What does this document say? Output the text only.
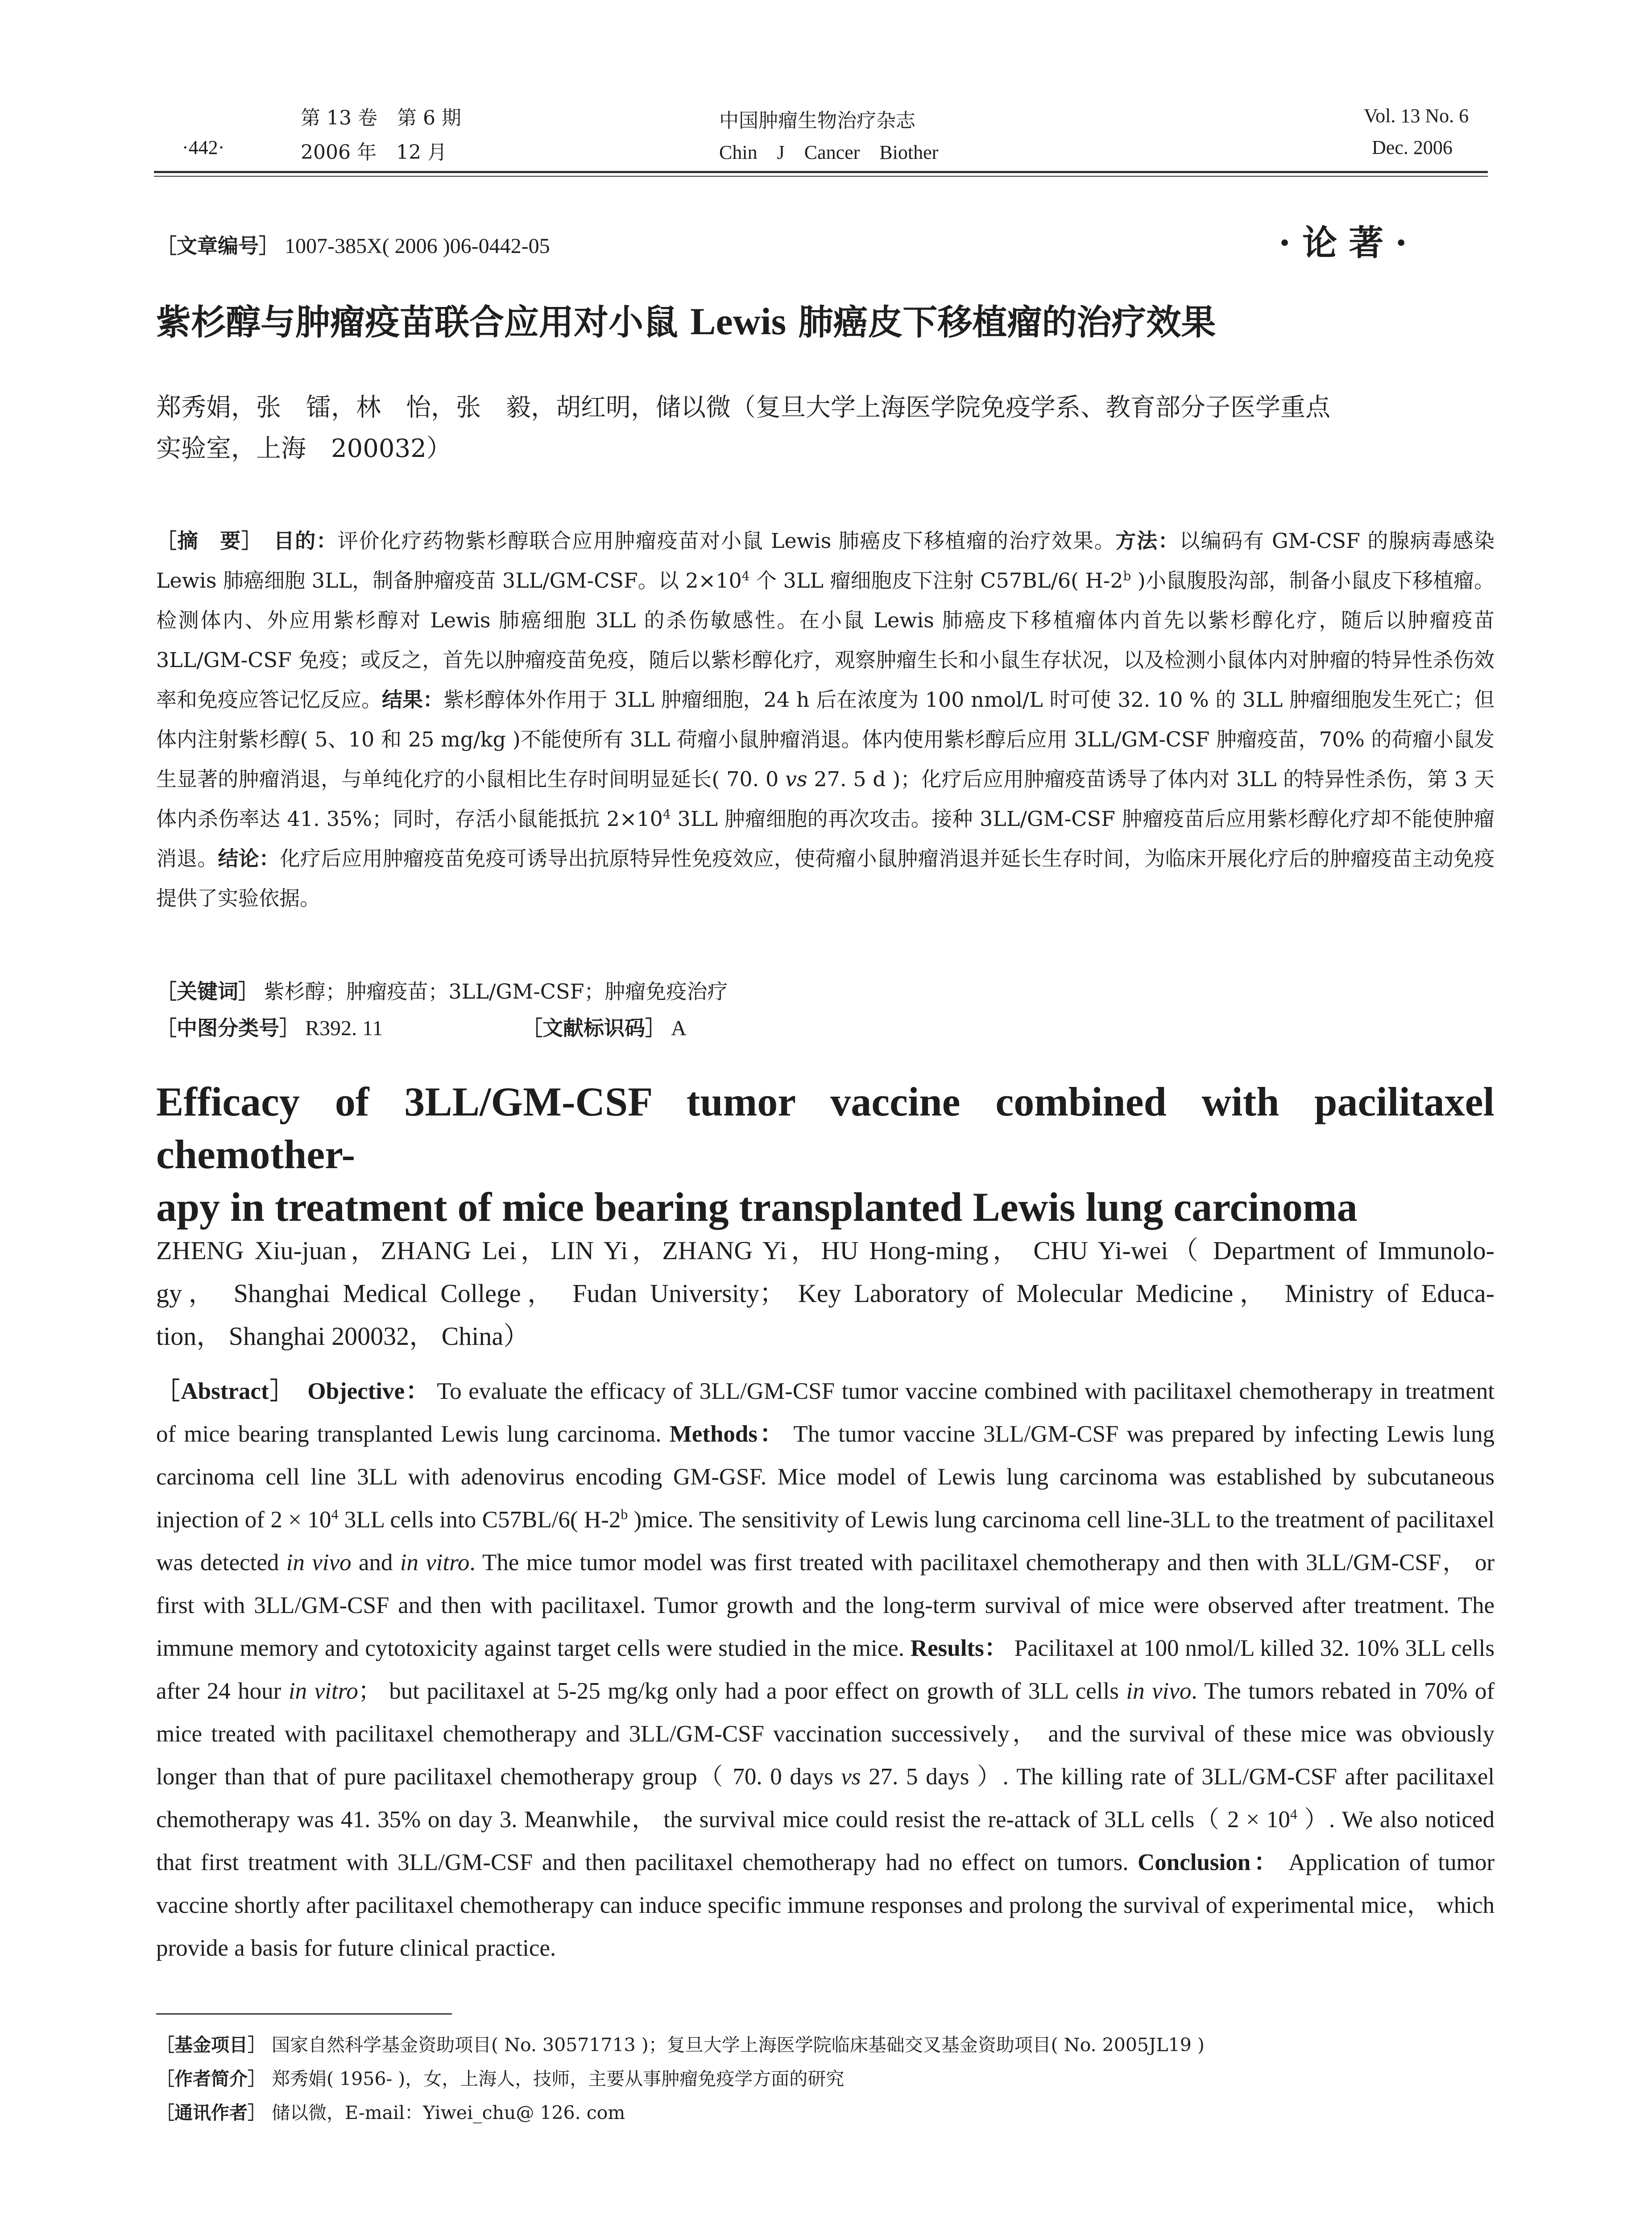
第 13 卷　第 6 期
·442·	2006 年　12 月
中国肿瘤生物治疗杂志
Chin　J　Cancer　Biother
Vol. 13 No. 6
Dec. 2006
［文章编号］ 1007-385X( 2006 )06-0442-05	·论著·
紫杉醇与肿瘤疫苗联合应用对小鼠 Lewis 肺癌皮下移植瘤的治疗效果
郑秀娟，张　镭，林　怡，张　毅，胡红明，储以微（复旦大学上海医学院免疫学系、教育部分子医学重点
实验室，上海　200032）
［摘　要］　 目的：评价化疗药物紫杉醇联合应用肿瘤疫苗对小鼠 Lewis 肺癌皮下移植瘤的治疗效果。方法：以编码有 GM-CSF 的腺病毒感染 Lewis 肺癌细胞 3LL，制备肿瘤疫苗 3LL/GM-CSF。以 $2\times 10^4$ 个 3LL 瘤细胞皮下注射 C57BL/6( H-2$^b$ )小鼠腹股沟部，制备小鼠皮下移植瘤。检测体内、外应用紫杉醇对 Lewis 肺癌细胞 3LL 的杀伤敏感性。在小鼠 Lewis 肺癌皮下移植瘤体内首先以紫杉醇化疗，随后以肿瘤疫苗 3LL/GM-CSF 免疫；或反之，首先以肿瘤疫苗免疫，随后以紫杉醇化疗，观察肿瘤生长和小鼠生存状况，以及检测小鼠体内对肿瘤的特异性杀伤效率和免疫应答记忆反应。结果：紫杉醇体外作用于 3LL 肿瘤细胞，24 h 后在浓度为 100 nmol/L 时可使 32. 10 % 的 3LL 肿瘤细胞发生死亡；但体内注射紫杉醇( 5、10 和 25 mg/kg )不能使所有 3LL 荷瘤小鼠肿瘤消退。体内使用紫杉醇后应用 3LL/GM-CSF 肿瘤疫苗，70% 的荷瘤小鼠发生显著的肿瘤消退，与单纯化疗的小鼠相比生存时间明显延长( 70. 0 vs 27. 5 d )；化疗后应用肿瘤疫苗诱导了体内对 3LL 的特异性杀伤，第 3 天体内杀伤率达 41. 35%；同时，存活小鼠能抵抗 $2\times 10^4$ 3LL 肿瘤细胞的再次攻击。接种 3LL/GM-CSF 肿瘤疫苗后应用紫杉醇化疗却不能使肿瘤消退。结论：化疗后应用肿瘤疫苗免疫可诱导出抗原特异性免疫效应，使荷瘤小鼠肿瘤消退并延长生存时间，为临床开展化疗后的肿瘤疫苗主动免疫提供了实验依据。
［关键词］ 紫杉醇；肿瘤疫苗；3LL/GM-CSF；肿瘤免疫治疗
［中图分类号］ R392. 11	［文献标识码］ A
Efficacy of 3LL/GM-CSF tumor vaccine combined with pacilitaxel chemother-
apy in treatment of mice bearing transplanted Lewis lung carcinoma
ZHENG Xiu-juan，ZHANG Lei，LIN Yi，ZHANG Yi，HU Hong-ming， CHU Yi-wei（ Department of Immunolo-
gy， Shanghai Medical College， Fudan University； Key Laboratory of Molecular Medicine， Ministry of Educa-
tion， Shanghai 200032， China）
［Abstract］　 Objective： To evaluate the efficacy of 3LL/GM-CSF tumor vaccine combined with pacilitaxel chemotherapy in treatment of mice bearing transplanted Lewis lung carcinoma. Methods： The tumor vaccine 3LL/GM-CSF was prepared by infecting Lewis lung carcinoma cell line 3LL with adenovirus encoding GM-GSF. Mice model of Lewis lung carcinoma was established by subcutaneous injection of $2 \times 10^4$ 3LL cells into C57BL/6( H-2$^b$ )mice. The sensitivity of Lewis lung carcinoma cell line-3LL to the treatment of pacilitaxel was detected in vivo and in vitro. The mice tumor model was first treated with pacilitaxel chemotherapy and then with 3LL/GM-CSF， or first with 3LL/GM-CSF and then with pacilitaxel. Tumor growth and the long-term survival of mice were observed after treatment. The immune memory and cytotoxicity against target cells were studied in the mice. Results： Pacilitaxel at 100 nmol/L killed 32. 10% 3LL cells after 24 hour in vitro； but pacilitaxel at 5-25 mg/kg only had a poor effect on growth of 3LL cells in vivo. The tumors rebated in 70% of mice treated with pacilitaxel chemotherapy and 3LL/GM-CSF vaccination successively， and the survival of these mice was obviously longer than that of pure pacilitaxel chemotherapy group（ 70. 0 days vs 27. 5 days ）. The killing rate of 3LL/GM-CSF after pacilitaxel chemotherapy was 41. 35% on day 3. Meanwhile， the survival mice could resist the re-attack of 3LL cells（ $2 \times 10^4$ ）. We also noticed that first treatment with 3LL/GM-CSF and then pacilitaxel chemotherapy had no effect on tumors. Conclusion： Application of tumor vaccine shortly after pacilitaxel chemotherapy can induce specific immune responses and prolong the survival of experimental mice， which provide a basis for future clinical practice.
［基金项目］ 国家自然科学基金资助项目( No. 30571713 )；复旦大学上海医学院临床基础交叉基金资助项目( No. 2005JL19 )
［作者简介］ 郑秀娟( 1956- )，女，上海人，技师，主要从事肿瘤免疫学方面的研究
［通讯作者］ 储以微，E-mail：Yiwei_chu@ 126. com
